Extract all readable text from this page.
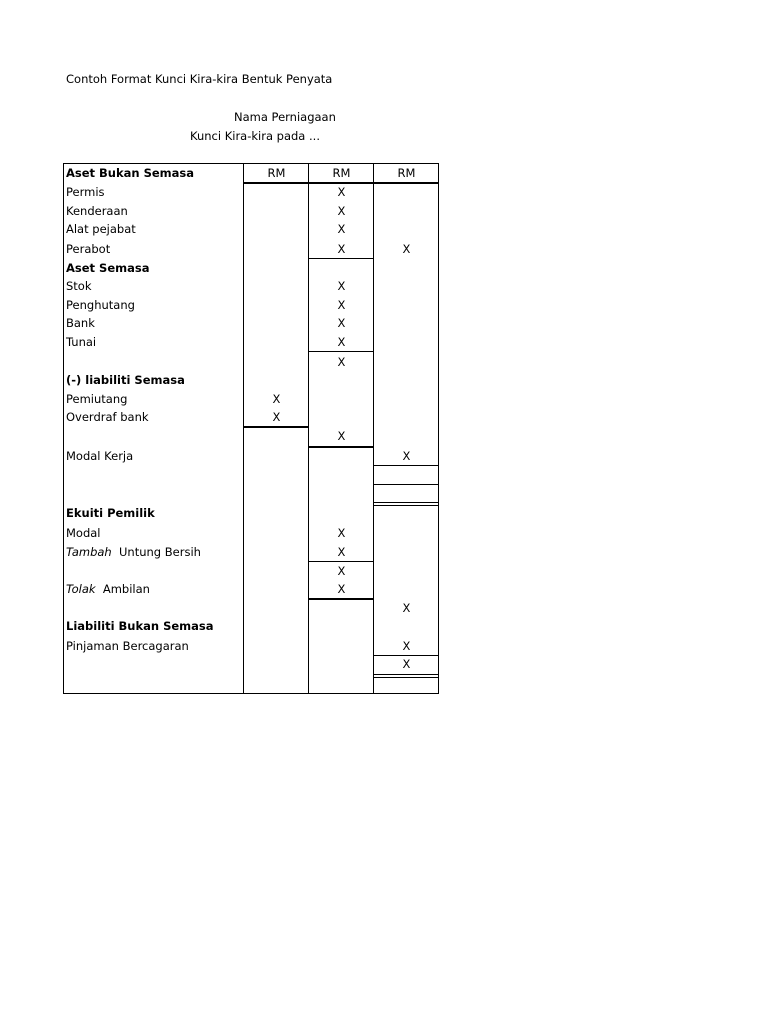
Contoh Format Kunci Kira-kira Bentuk Penyata
Nama Perniagaan
Kunci Kira-kira pada ...
RM	RM	RM
Aset Bukan Semasa
Permis
Kenderaan
Alat pejabat
Perabot
Aset Semasa
Stok
Penghutang
Bank
Tunai
(-) liabiliti Semasa
Pemiutang
Overdraf bank
Modal Kerja
Ekuiti Pemilik
Modal
Tambah Untung Bersih
Tolak Ambilan
Liabiliti Bukan Semasa
Pinjaman Bercagaran
X
X
X
X
X
X
X
X
X
X
X
X
X
X
X
X
X
X
X
X
X
